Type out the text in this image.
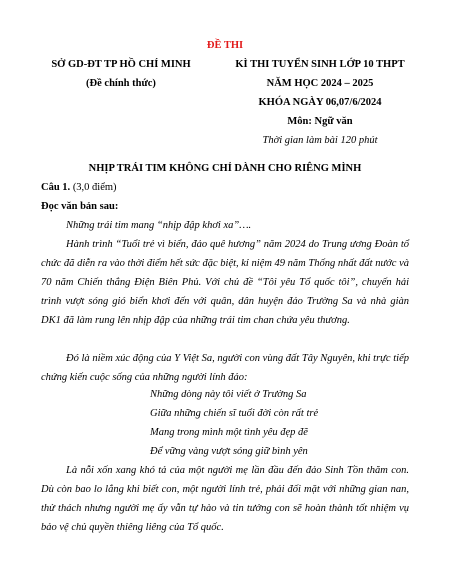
ĐỀ THI
SỞ GD-ĐT TP HỒ CHÍ MINH
(Đề chính thức)
KÌ THI TUYỂN SINH LỚP 10 THPT
NĂM HỌC 2024 – 2025
KHÓA NGÀY 06,07/6/2024
Môn: Ngữ văn
Thời gian làm bài 120 phút
NHỊP TRÁI TIM KHÔNG CHỈ DÀNH CHO RIÊNG MÌNH
Câu 1. (3,0 điểm)
Đọc văn bản sau:
Những trái tim mang “nhịp đập khơi xa”….
Hành trình “Tuổi trẻ vì biển, đảo quê hương” năm 2024 do Trung ương Đoàn tổ chức đã diễn ra vào thời điểm hết sức đặc biệt, kỉ niệm 49 năm Thống nhất đất nước và 70 năm Chiến thắng Điện Biên Phủ. Với chủ đề “Tôi yêu Tổ quốc tôi”, chuyến hải trình vượt sóng gió biển khơi đến với quân, dân huyện đảo Trường Sa và nhà giàn DK1 đã làm rung lên nhịp đập của những trái tim chan chứa yêu thương.
Đó là niềm xúc động của Y Việt Sa, người con vùng đất Tây Nguyên, khi trực tiếp chứng kiến cuộc sống của những người lính đảo:
Những dòng này tôi viết ở Trường Sa
Giữa những chiến sĩ tuổi đời còn rất trẻ
Mang trong mình một tình yêu đẹp đẽ
Để vững vàng vượt sóng giữ bình yên
Là nỗi xốn xang khó tả của một người mẹ lần đầu đến đảo Sinh Tồn thăm con. Dù còn bao lo lắng khi biết con, một người lính trẻ, phải đối mặt với những gian nan, thử thách nhưng người mẹ ấy vẫn tự hào và tin tưởng con sẽ hoàn thành tốt nhiệm vụ bảo vệ chủ quyền thiêng liêng của Tổ quốc.
